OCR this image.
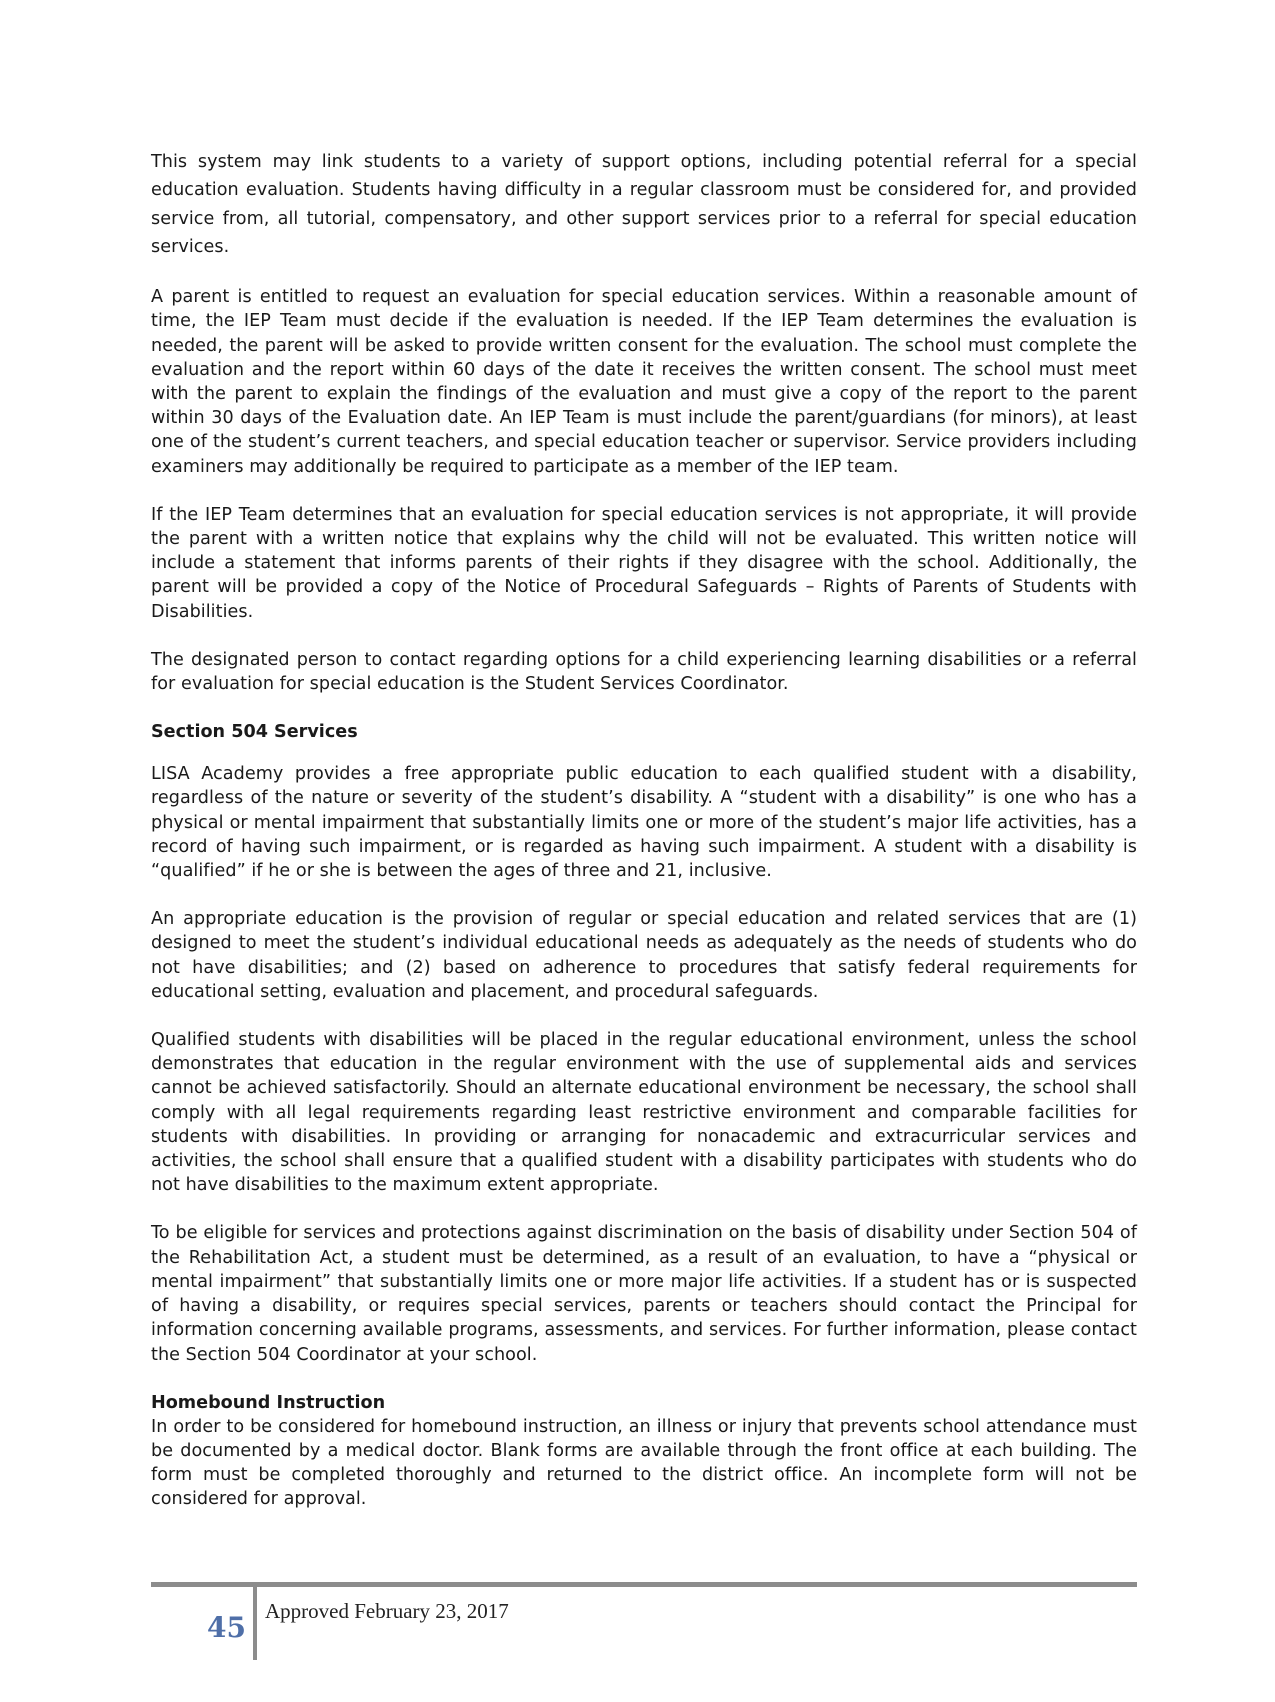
This system may link students to a variety of support options, including potential referral for a special education evaluation. Students having difficulty in a regular classroom must be considered for, and provided service from, all tutorial, compensatory, and other support services prior to a referral for special education services.

A parent is entitled to request an evaluation for special education services. Within a reasonable amount of time, the IEP Team must decide if the evaluation is needed. If the IEP Team determines the evaluation is needed, the parent will be asked to provide written consent for the evaluation. The school must complete the evaluation and the report within 60 days of the date it receives the written consent. The school must meet with the parent to explain the findings of the evaluation and must give a copy of the report to the parent within 30 days of the Evaluation date. An IEP Team is must include the parent/guardians (for minors), at least one of the student’s current teachers, and special education teacher or supervisor. Service providers including examiners may additionally be required to participate as a member of the IEP team.

If the IEP Team determines that an evaluation for special education services is not appropriate, it will provide the parent with a written notice that explains why the child will not be evaluated. This written notice will include a statement that informs parents of their rights if they disagree with the school. Additionally, the parent will be provided a copy of the Notice of Procedural Safeguards – Rights of Parents of Students with Disabilities.

The designated person to contact regarding options for a child experiencing learning disabilities or a referral for evaluation for special education is the Student Services Coordinator.

Section 504 Services

LISA Academy provides a free appropriate public education to each qualified student with a disability, regardless of the nature or severity of the student’s disability. A “student with a disability” is one who has a physical or mental impairment that substantially limits one or more of the student’s major life activities, has a record of having such impairment, or is regarded as having such impairment. A student with a disability is “qualified” if he or she is between the ages of three and 21, inclusive.

An appropriate education is the provision of regular or special education and related services that are (1) designed to meet the student’s individual educational needs as adequately as the needs of students who do not have disabilities; and (2) based on adherence to procedures that satisfy federal requirements for educational setting, evaluation and placement, and procedural safeguards.

Qualified students with disabilities will be placed in the regular educational environment, unless the school demonstrates that education in the regular environment with the use of supplemental aids and services cannot be achieved satisfactorily. Should an alternate educational environment be necessary, the school shall comply with all legal requirements regarding least restrictive environment and comparable facilities for students with disabilities. In providing or arranging for nonacademic and extracurricular services and activities, the school shall ensure that a qualified student with a disability participates with students who do not have disabilities to the maximum extent appropriate.

To be eligible for services and protections against discrimination on the basis of disability under Section 504 of the Rehabilitation Act, a student must be determined, as a result of an evaluation, to have a “physical or mental impairment” that substantially limits one or more major life activities. If a student has or is suspected of having a disability, or requires special services, parents or teachers should contact the Principal for information concerning available programs, assessments, and services. For further information, please contact the Section 504 Coordinator at your school.

Homebound Instruction

In order to be considered for homebound instruction, an illness or injury that prevents school attendance must be documented by a medical doctor. Blank forms are available through the front office at each building. The form must be completed thoroughly and returned to the district office. An incomplete form will not be considered for approval.

45 Approved February 23, 2017
